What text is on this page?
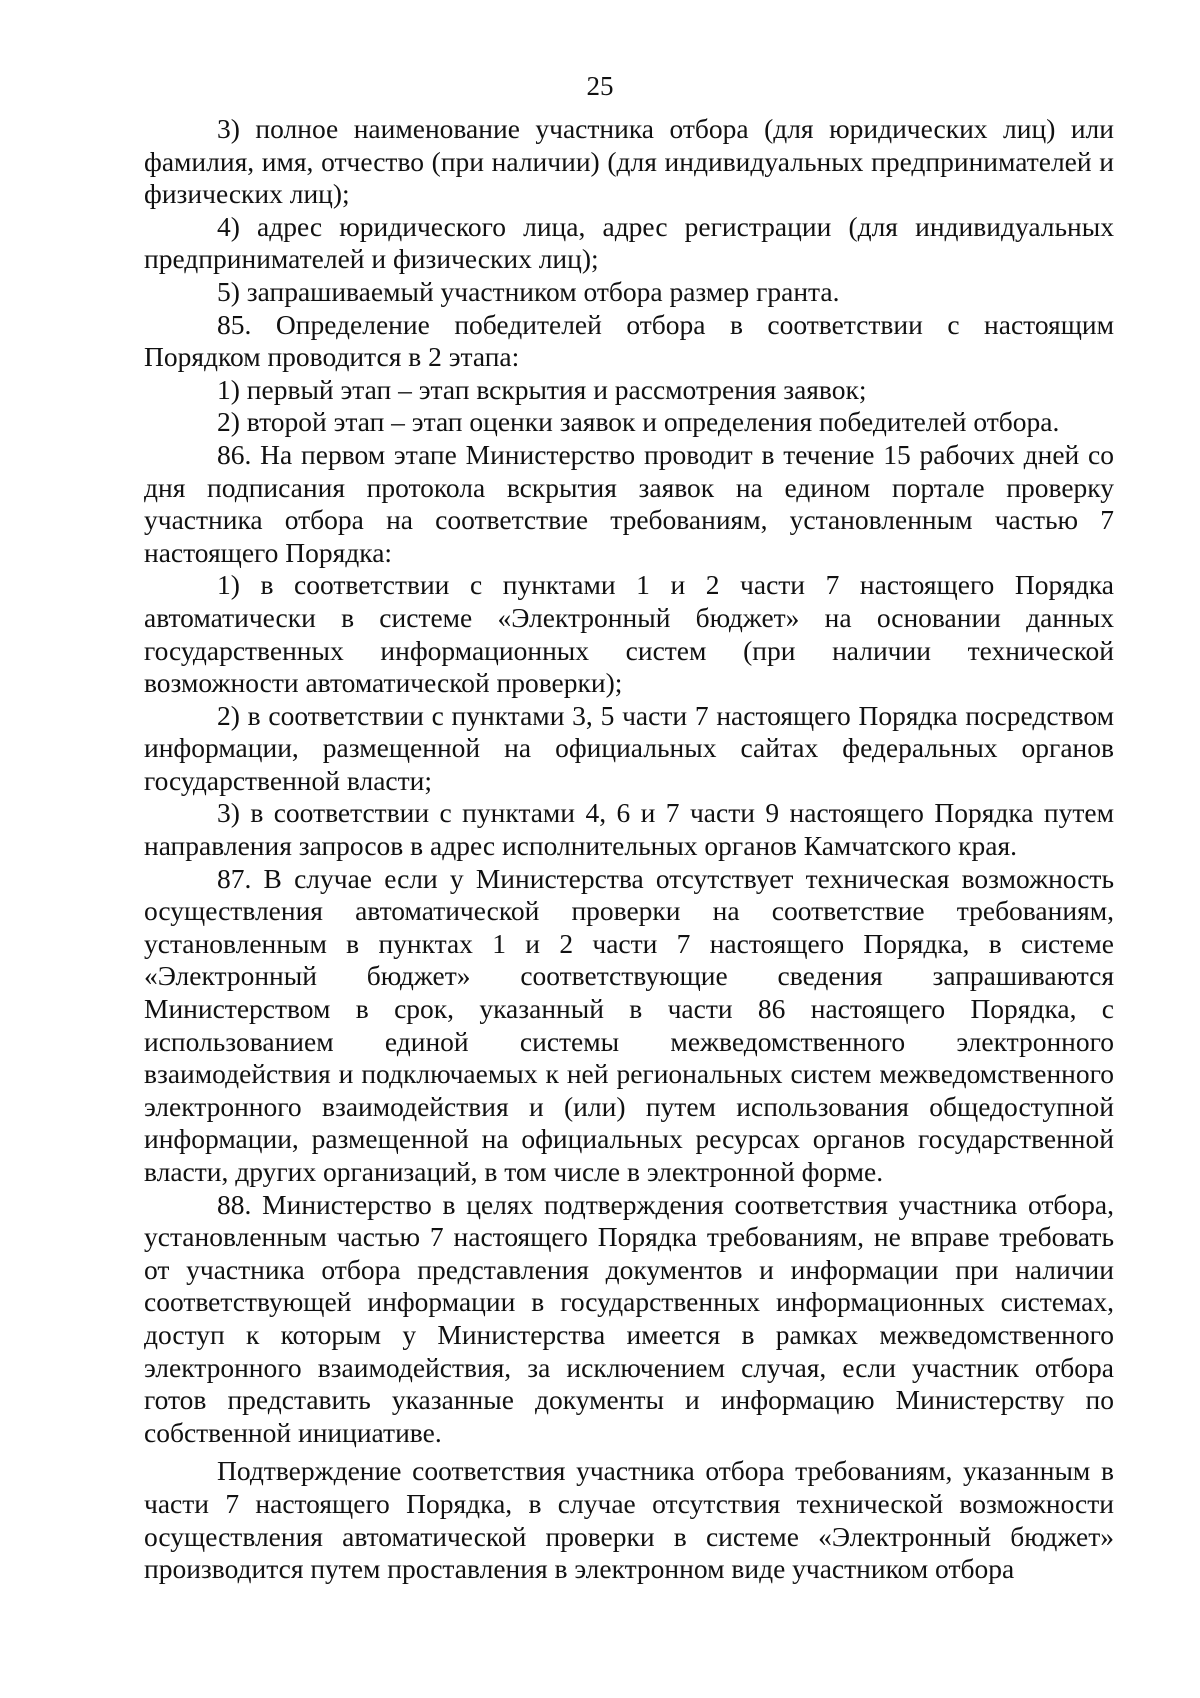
25

3) полное наименование участника отбора (для юридических лиц) или фамилия, имя, отчество (при наличии) (для индивидуальных предпринимателей и физических лиц);

4) адрес юридического лица, адрес регистрации (для индивидуальных предпринимателей и физических лиц);

5) запрашиваемый участником отбора размер гранта.

85. Определение победителей отбора в соответствии с настоящим Порядком проводится в 2 этапа:

1) первый этап – этап вскрытия и рассмотрения заявок;

2) второй этап – этап оценки заявок и определения победителей отбора.

86. На первом этапе Министерство проводит в течение 15 рабочих дней со дня подписания протокола вскрытия заявок на едином портале проверку участника отбора на соответствие требованиям, установленным частью 7 настоящего Порядка:

1) в соответствии с пунктами 1 и 2 части 7 настоящего Порядка автоматически в системе «Электронный бюджет» на основании данных государственных информационных систем (при наличии технической возможности автоматической проверки);

2) в соответствии с пунктами 3, 5 части 7 настоящего Порядка посредством информации, размещенной на официальных сайтах федеральных органов государственной власти;

3) в соответствии с пунктами 4, 6 и 7 части 9 настоящего Порядка путем направления запросов в адрес исполнительных органов Камчатского края.

87. В случае если у Министерства отсутствует техническая возможность осуществления автоматической проверки на соответствие требованиям, установленным в пунктах 1 и 2 части 7 настоящего Порядка, в системе «Электронный бюджет» соответствующие сведения запрашиваются Министерством в срок, указанный в части 86 настоящего Порядка, с использованием единой системы межведомственного электронного взаимодействия и подключаемых к ней региональных систем межведомственного электронного взаимодействия и (или) путем использования общедоступной информации, размещенной на официальных ресурсах органов государственной власти, других организаций, в том числе в электронной форме.

88. Министерство в целях подтверждения соответствия участника отбора, установленным частью 7 настоящего Порядка требованиям, не вправе требовать от участника отбора представления документов и информации при наличии соответствующей информации в государственных информационных системах, доступ к которым у Министерства имеется в рамках межведомственного электронного взаимодействия, за исключением случая, если участник отбора готов представить указанные документы и информацию Министерству по собственной инициативе.

Подтверждение соответствия участника отбора требованиям, указанным в части 7 настоящего Порядка, в случае отсутствия технической возможности осуществления автоматической проверки в системе «Электронный бюджет» производится путем проставления в электронном виде участником отбора
